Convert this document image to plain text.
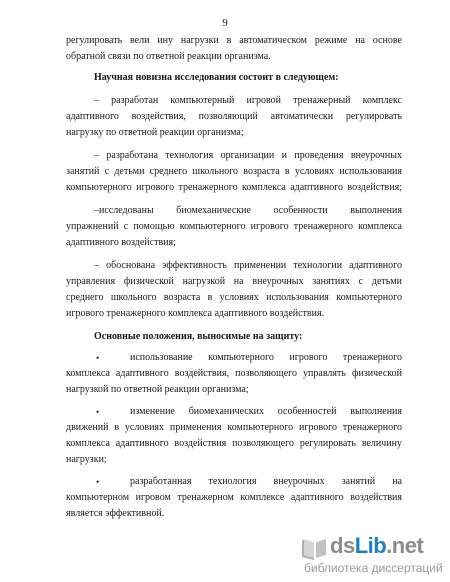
9
регулировать вели ину нагрузки в автоматическом режиме на основе
обратной связи по ответной реакции организма.
Научная новизна исследования состоит в следующем:
– разработан компьютерный игровой тренажерный комплекс
адаптивного воздействия, позволяющий автоматически регулировать
нагрузку по ответной реакции организма;
– разработана технология организации и проведения внеурочных
занятий с детьми среднего школьного возраста в условиях использования
компьютерного игрового тренажерного комплекса адаптивного воздействия;
–исследованы биомеханические особенности выполнения
упражнений с помощью компьютерного игрового тренажерного комплекса
адаптивного воздействия;
– обоснована эффективность применении технологии адаптивного
управления физической нагрузкой на внеурочных занятиях с детьми
среднего школьного возраста в условиях использования компьютерного
игрового тренажерного комплекса адаптивного воздействия.
Основные положения, выносимые на защиту:
•	использование компьютерного игрового тренажерного
комплекса адаптивного воздействия, позволяющего управлять физической
нагрузкой по ответной реакции организма;
•	изменение биомеханических особенностей выполнения
движений в условиях применения компьютерного игрового тренажерного
комплекса адаптивного воздействия позволяющего регулировать величину
нагрузки;
•	разработанная технология внеурочных занятий на
компьютерном игровом тренажерном комплексе адаптивного воздействия
является эффективной.
dsLib.net
библиотека диссертаций
